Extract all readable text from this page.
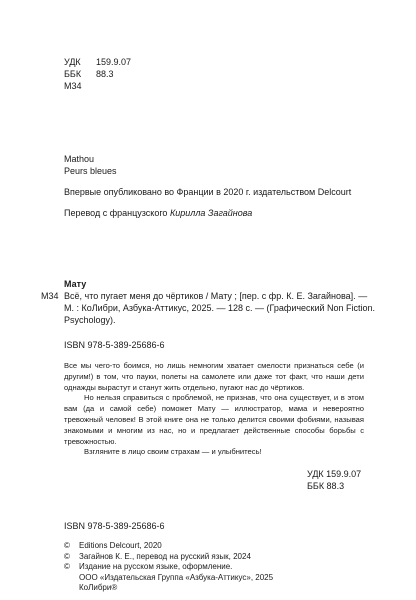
УДК	159.9.07
ББК	88.3
М34
Mathou
Peurs bleues
Впервые опубликовано во Франции в 2020 г. издательством Delcourt
Перевод с французского Кирилла Загайнова
Мату
М34 Всё, что пугает меня до чёртиков / Мату ; [пер. с фр. К. Е. Загайнова]. —
М. : КоЛибри, Азбука-Аттикус, 2025. — 128 с. — (Графический Non Fiction.
Psychology).
ISBN 978-5-389-25686-6

Все мы чего-то боимся, но лишь немногим хватает смелости признаться себе (и другим!) в том, что пауки, полеты на самолете или даже тот факт, что наши дети однажды вырастут и станут жить отдельно, пугают нас до чёртиков.

Но нельзя справиться с проблемой, не признав, что она существует, и в этом вам (да и самой себе) поможет Мату — иллюстратор, мама и невероятно тревожный человек! В этой книге она не только делится своими фобиями, называя знакомыми и многим из нас, но и предлагает действенные способы борьбы с тревожностью.

Взгляните в лицо своим страхам — и улыбнитесь!

УДК 159.9.07
ББК 88.3
ISBN 978-5-389-25686-6
©	Editions Delcourt, 2020
©	Загайнов К. Е., перевод на русский язык, 2024
©	Издание на русском языке, оформление.
ООО «Издательская Группа «Азбука-Аттикус», 2025
КоЛибри®
